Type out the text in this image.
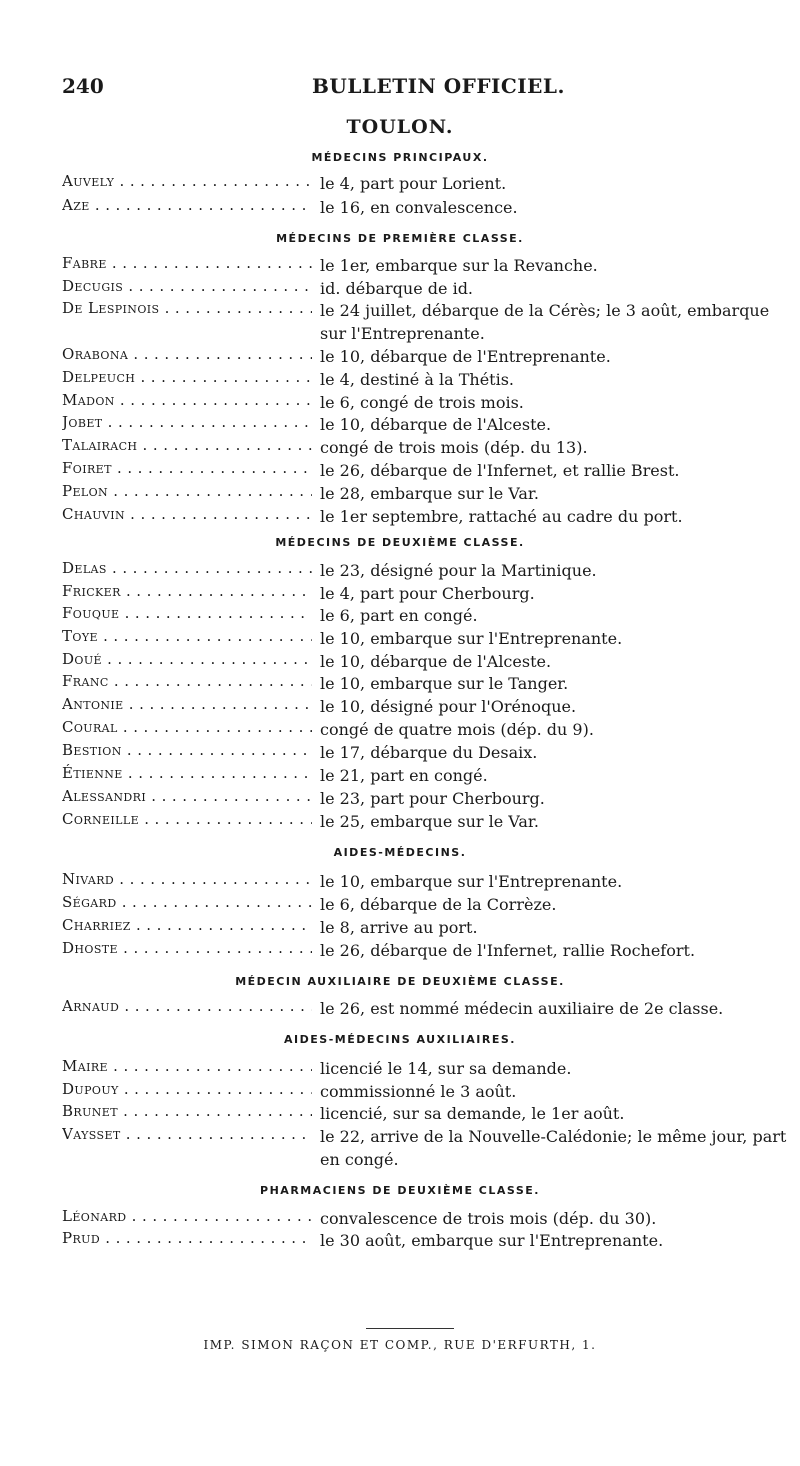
240	BULLETIN OFFICIEL.
TOULON.
MÉDECINS PRINCIPAUX.
Auvely . . .	le 4, part pour Lorient.
Aze . . .	le 16, en convalescence.
MÉDECINS DE PREMIÈRE CLASSE.
Fabre . . .	le 1er, embarque sur la Revanche.
Decugis . . .	id. débarque de id.
De Lespinois . . .	le 24 juillet, débarque de la Cérès; le 3 août, embarque sur l'Entreprenante.
Orabona . . .	le 10, débarque de l'Entreprenante.
Delpeuch . . .	le 4, destiné à la Thétis.
Madon . . .	le 6, congé de trois mois.
Jobet . . .	le 10, débarque de l'Alceste.
Talairach . . .	congé de trois mois (dép. du 13).
Foiret . . .	le 26, débarque de l'Infernet, et rallie Brest.
Pelon . . .	le 28, embarque sur le Var.
Chauvin . . .	le 1er septembre, rattaché au cadre du port.
MÉDECINS DE DEUXIÈME CLASSE.
Delas . . .	le 23, désigné pour la Martinique.
Fricker . . .	le 4, part pour Cherbourg.
Fouque . . .	le 6, part en congé.
Toye . . .	le 10, embarque sur l'Entreprenante.
Doué . . .	le 10, débarque de l'Alceste.
Franc . . .	le 10, embarque sur le Tanger.
Antonie . . .	le 10, désigné pour l'Orénoque.
Coural . . .	congé de quatre mois (dép. du 9).
Bestion . . .	le 17, débarque du Desaix.
Étienne . . .	le 21, part en congé.
Alessandri . . .	le 23, part pour Cherbourg.
Corneille . . .	le 25, embarque sur le Var.
AIDES-MÉDECINS.
Nivard . . .	le 10, embarque sur l'Entreprenante.
Ségard . . .	le 6, débarque de la Corrèze.
Charriez . . .	le 8, arrive au port.
Dhoste . . .	le 26, débarque de l'Infernet, rallie Rochefort.
MÉDECIN AUXILIAIRE DE DEUXIÈME CLASSE.
Arnaud . . .	le 26, est nommé médecin auxiliaire de 2e classe.
AIDES-MÉDECINS AUXILIAIRES.
Maire . . .	licencié le 14, sur sa demande.
Dupouy . . .	commissionné le 3 août.
Brunet . . .	licencié, sur sa demande, le 1er août.
Vaysset . . .	le 22, arrive de la Nouvelle-Calédonie; le même jour, part en congé.
PHARMACIENS DE DEUXIÈME CLASSE.
Léonard . . .	convalescence de trois mois (dép. du 30).
Prud . . .	le 30 août, embarque sur l'Entreprenante.
IMP. SIMON RAÇON ET COMP., RUE D'ERFURTH, 1.
